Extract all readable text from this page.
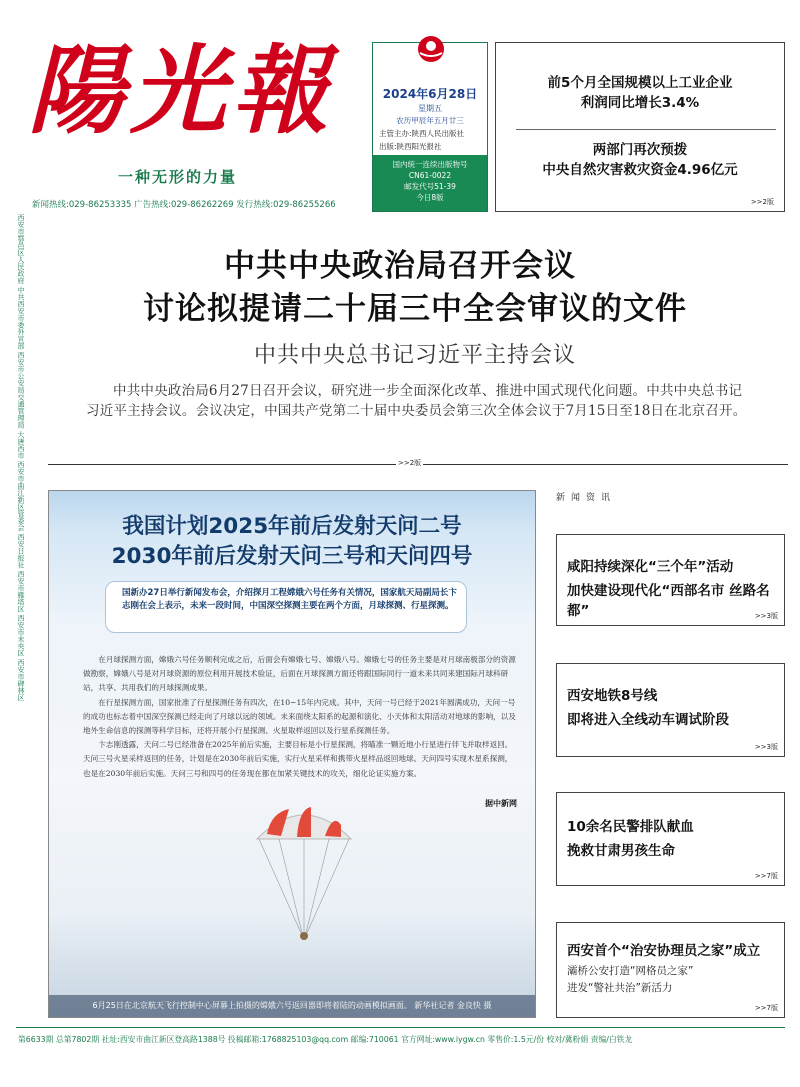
陽光報
一种无形的力量
新闻热线:029-86253335 广告热线:029-86262269 发行热线:029-86255266
2024年6月28日
星期五
农历甲辰年五月廿三
主管主办:陕西人民出版社
出版:陕西阳光报社
国内统一连续出版物号
CN61-0022
邮发代号51-39
今日8版
前5个月全国规模以上工业企业
利润同比增长3.4%
两部门再次预拨
中央自然灾害救灾资金4.96亿元
>>2版
西安市鄠邑区人民政府 中共西安市委外宣部 西安市公安局交通管理局 大唐西市 西安市曲江新区管委会 西安日报社 西安市雁塔区 西安市未央区 西安市碑林区	中共中央政治局召开会议
讨论拟提请二十届三中全会审议的文件
中共中央总书记习近平主持会议
中共中央政治局6月27日召开会议，研究进一步全面深化改革、推进中国式现代化问题。中共中央总书记习近平主持会议。会议决定，中国共产党第二十届中央委员会第三次全体会议于7月15日至18日在北京召开。
>>2版
我国计划2025年前后发射天问二号
2030年前后发射天问三号和天问四号
国新办27日举行新闻发布会，介绍探月工程嫦娥六号任务有关情况，国家航天局副局长卞志刚在会上表示，未来一段时间，中国深空探测主要在两个方面，月球探测、行星探测。

在月球探测方面，嫦娥六号任务顺利完成之后，后面会有嫦娥七号、嫦娥八号。嫦娥七号的任务主要是对月球南极部分的资源做勘察，嫦娥八号是对月球资源的原位利用开展技术验证，后面在月球探测方面还将跟国际同行一道未来共同来建国际月球科研站，共享、共用我们的月球探测成果。

在行星探测方面，国家批准了行星探测任务有四次，在10~15年内完成。其中，天问一号已经于2021年圆满成功，天问一号的成功也标志着中国深空探测已经走向了月球以远的领域。未来面绕太阳系的起源和演化、小天体和太阳活动对地球的影响，以及地外生命信息的探测等科学目标，还将开展小行星探测、火星取样返回以及行星系探测任务。

卞志刚透露，天问二号已经准备在2025年前后实施，主要目标是小行星探测，将瞄准一颗近地小行星进行伴飞并取样返回。天问三号火星采样返回的任务，计划是在2030年前后实施，实行火星采样和携带火星样品返回地球。天问四号实现木星系探测，也是在2030年前后实施。天问三号和四号的任务现在都在加紧关键技术的攻关，细化论证实施方案。

据中新网
6月25日在北京航天飞行控制中心屏幕上拍摄的嫦娥六号返回器即将着陆的动画模拟画面。 新华社记者 金良快 摄
新闻资讯
咸阳持续深化“三个年”活动
加快建设现代化“西部名市 丝路名都”	>>3版
西安地铁8号线
即将进入全线动车调试阶段
>>3版
10余名民警排队献血
挽救甘肃男孩生命
>>7版
西安首个“治安协理员之家”成立
灞桥公安打造“网格员之家”
进发“警社共治”新活力
>>7版
第6633期 总第7802期 社址:西安市曲江新区登高路1388号 投稿邮箱:1768825103@qq.com 邮编:710061 官方网址:www.iygw.cn 零售价:1.5元/份 校对/冀粉娟 责编/白铁龙
